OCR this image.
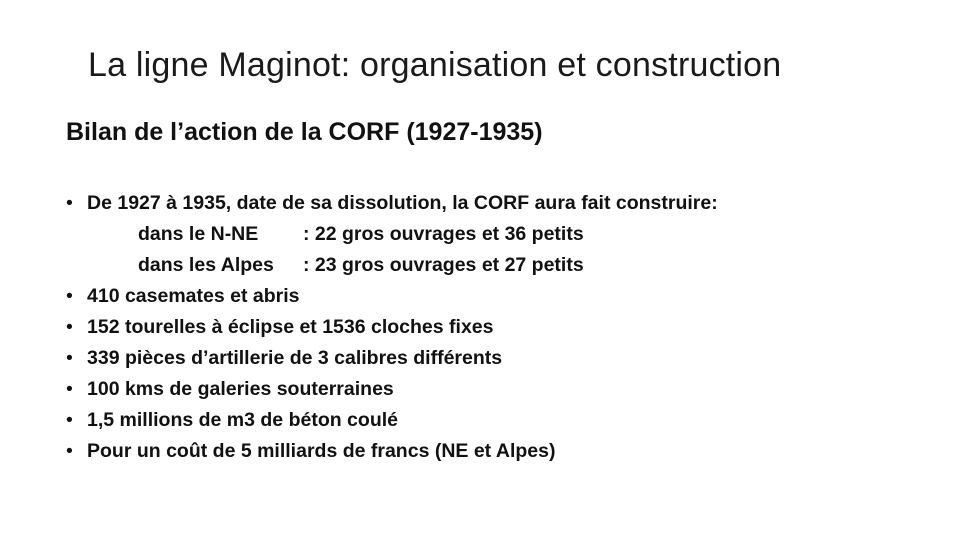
La ligne Maginot: organisation et construction
Bilan de l’action de la CORF (1927-1935)
• De 1927 à 1935, date de sa dissolution, la CORF aura fait construire:
dans le N-NE : 22 gros ouvrages et 36 petits
dans les Alpes : 23 gros ouvrages et 27 petits
• 410 casemates et abris
• 152 tourelles à éclipse et 1536 cloches fixes
• 339 pièces d’artillerie de 3 calibres différents
• 100 kms de galeries souterraines
• 1,5 millions de m3 de béton coulé
• Pour un coût de 5 milliards de francs (NE et Alpes)
